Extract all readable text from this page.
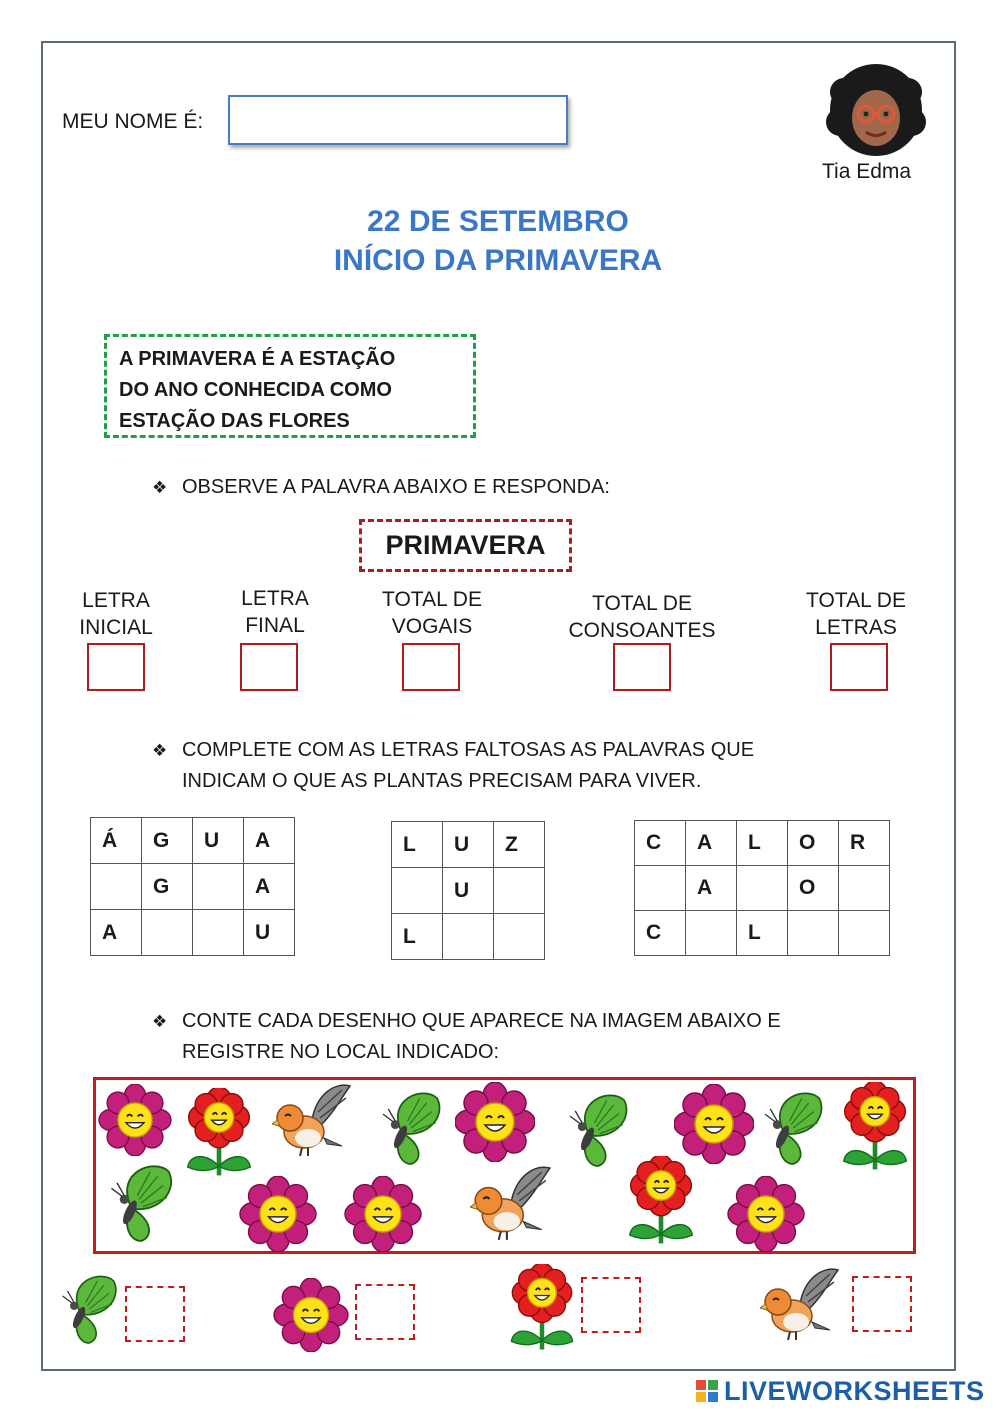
MEU NOME É:
Tia Edma
22 DE SETEMBRO
INÍCIO DA PRIMAVERA
A PRIMAVERA É A ESTAÇÃO
DO ANO CONHECIDA COMO
ESTAÇÃO DAS FLORES
❖ OBSERVE A PALAVRA ABAIXO E RESPONDA:
PRIMAVERA
LETRA
INICIAL
LETRA
FINAL
TOTAL DE
VOGAIS
TOTAL DE
CONSOANTES
TOTAL DE
LETRAS
❖ COMPLETE COM AS LETRAS FALTOSAS AS PALAVRAS QUE
INDICAM O QUE AS PLANTAS PRECISAM PARA VIVER.
Á	G	U	A

	G		A

A			U
L	U	Z

	U	

L		

C	A	L	O	R

	A		O	

C		L		

❖ CONTE CADA DESENHO QUE APARECE NA IMAGEM ABAIXO E
REGISTRE NO LOCAL INDICADO:
LIVEWORKSHEETS
